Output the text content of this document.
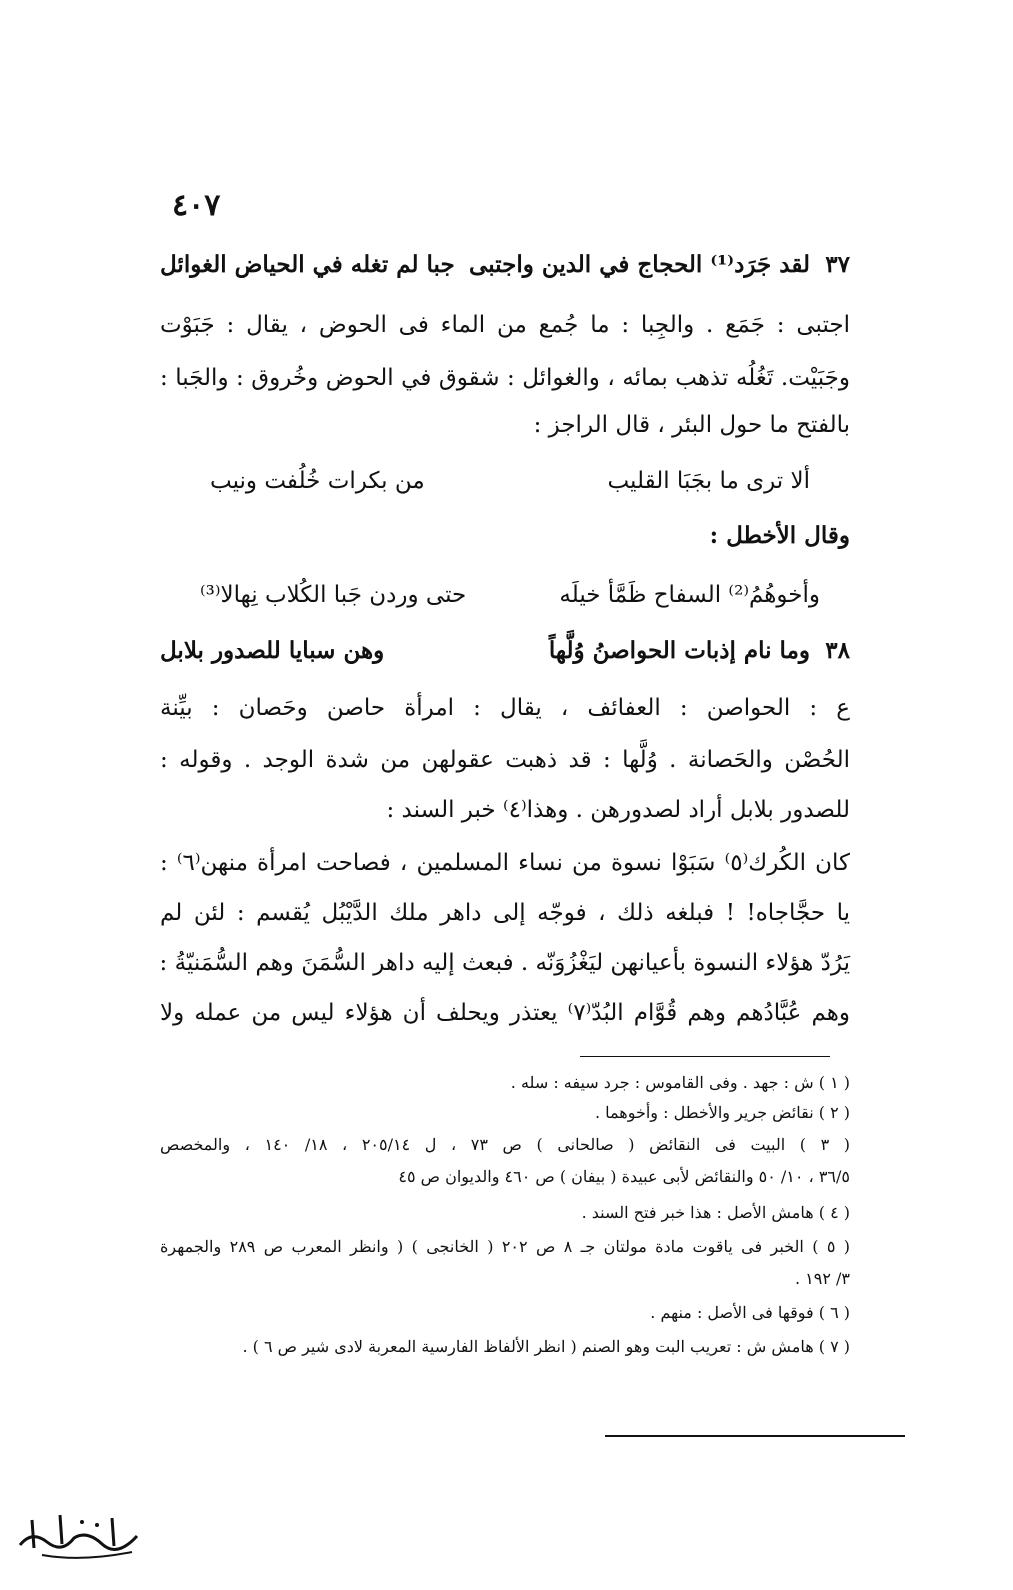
٤٠٧
٣٧
لقد جَرَد⁽¹⁾ الحجاج في الدين واجتبى
جبا لم تغله في الحياض الغوائل
اجتبى : جَمَع . والجِبا : ما جُمع من الماء فى الحوض ، يقال : جَبَوْت
وجَبَيْت. تَغُلُه تذهب بمائه ، والغوائل : شقوق في الحوض وخُروق : والجَبا :
بالفتح ما حول البئر ، قال الراجز :
ألا ترى ما بجَبَا القليب
من بكرات خُلُفت ونيب
وقال الأخطل :
وأخوهُمُ⁽²⁾ السفاح ظَمَّأ خيلَه
حتى وردن جَبا الكُلاب نِهالا⁽³⁾
٣٨
وما نام إذبات الحواصنُ وُلَّهاً
وهن سبايا للصدور بلابل
ع : الحواصن : العفائف ، يقال : امرأة حاصن وحَصان : بيِّنة
الحُصْن والحَصانة . وُلَّها : قد ذهبت عقولهن من شدة الوجد . وقوله :
للصدور بلابل أراد لصدورهن . وهذا⁽٤⁾ خبر السند :
كان الكُرك⁽٥⁾ سَبَوْا نسوة من نساء المسلمين ، فصاحت امرأة منهن⁽٦⁾ :
يا حجَّاجاه! ! فبلغه ذلك ، فوجّه إلى داهر ملك الدَّيْبُل يُقسم : لئن لم
يَرُدّ هؤلاء النسوة بأعيانهن ليَغْزُوَنّه . فبعث إليه داهر السُّمَنَ وهم السُّمَنيّةُ :
وهم عُبَّادُهم وهم قُوَّام البُدّ⁽٧⁾ يعتذر ويحلف أن هؤلاء ليس من عمله ولا
( ١ ) ش : جهد . وفى القاموس : جرد سيفه : سله .
( ٢ ) نقائض جرير والأخطل : وأخوهما .
( ٣ ) البيت فى النقائض ( صالحانى ) ص ٧٣ ، ل ٢٠٥/١٤ ، ١٨/ ١٤٠ ، والمخصص
٣٦/٥ ، ١٠/ ٥٠ والنقائض لأبى عبيدة ( بيفان ) ص ٤٦٠ والديوان ص ٤٥
( ٤ ) هامش الأصل : هذا خبر فتح السند .
( ٥ ) الخبر فى ياقوت مادة مولتان جـ ٨ ص ٢٠٢ ( الخانجى ) ( وانظر المعرب ص ٢٨٩ والجمهرة
٣/ ١٩٢ .
( ٦ ) فوقها فى الأصل : منهم .
( ٧ ) هامش ش : تعريب البت وهو الصنم ( انظر الألفاظ الفارسية المعربة لادى شير ص ٦ ) .
